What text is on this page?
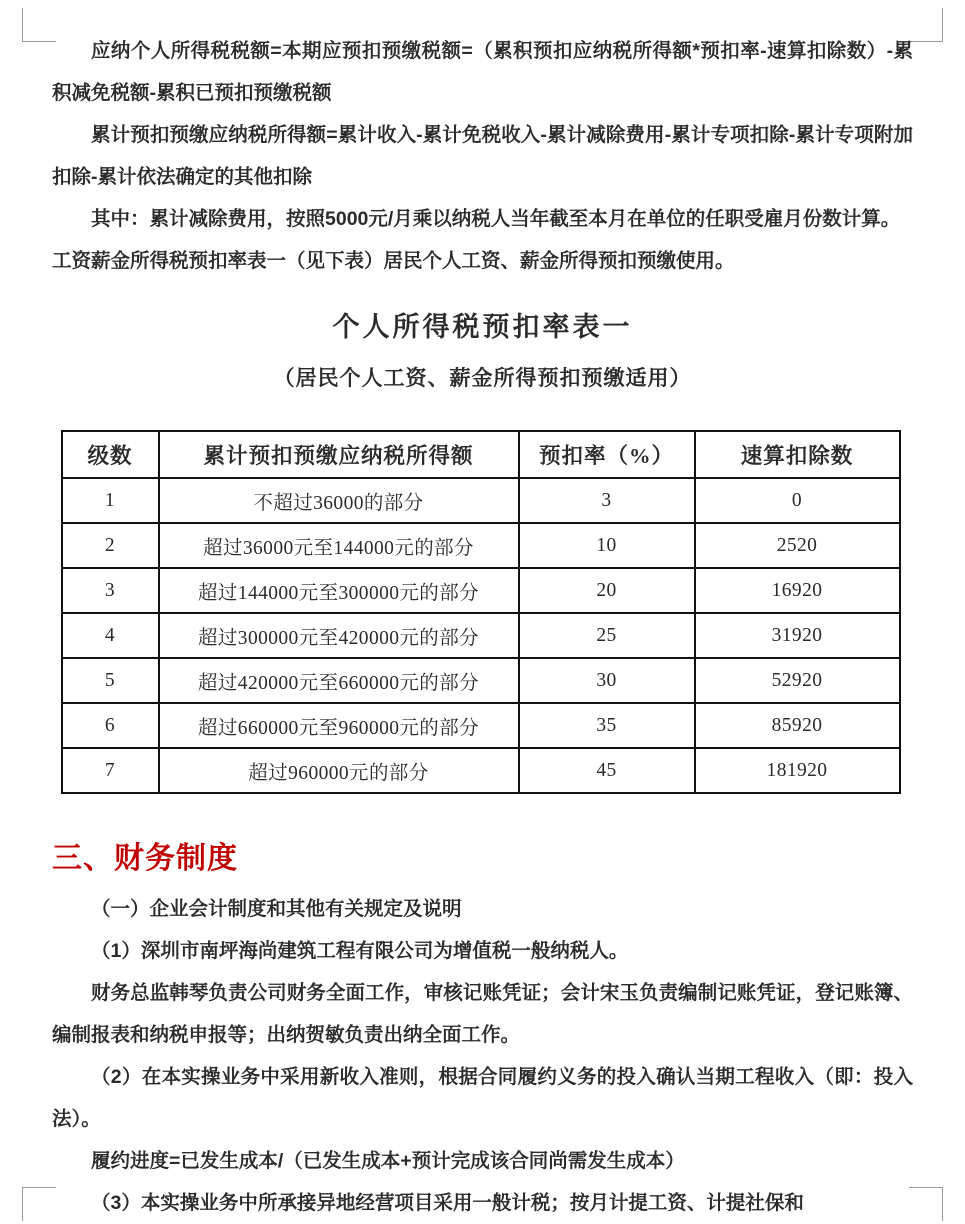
应纳个人所得税税额=本期应预扣预缴税额=（累积预扣应纳税所得额*预扣率-速算扣除数）-累积减免税额-累积已预扣预缴税额

累计预扣预缴应纳税所得额=累计收入-累计免税收入-累计减除费用-累计专项扣除-累计专项附加扣除-累计依法确定的其他扣除

其中：累计减除费用，按照5000元/月乘以纳税人当年截至本月在单位的任职受雇月份数计算。

工资薪金所得税预扣率表一（见下表）居民个人工资、薪金所得预扣预缴使用。

个人所得税预扣率表一
（居民个人工资、薪金所得预扣预缴适用）
级数	累计预扣预缴应纳税所得额	预扣率（%）	速算扣除数
1	不超过36000的部分	3	0
2	超过36000元至144000元的部分	10	2520
3	超过144000元至300000元的部分	20	16920
4	超过300000元至420000元的部分	25	31920
5	超过420000元至660000元的部分	30	52920
6	超过660000元至960000元的部分	35	85920
7	超过960000元的部分	45	181920
三、财务制度

（一）企业会计制度和其他有关规定及说明

（1）深圳市南坪海尚建筑工程有限公司为增值税一般纳税人。

财务总监韩琴负责公司财务全面工作，审核记账凭证；会计宋玉负责编制记账凭证，登记账簿、编制报表和纳税申报等；出纳贺敏负责出纳全面工作。

（2）在本实操业务中采用新收入准则，根据合同履约义务的投入确认当期工程收入（即：投入法）。

履约进度=已发生成本/（已发生成本+预计完成该合同尚需发生成本）

（3）本实操业务中所承接异地经营项目采用一般计税；按月计提工资、计提社保和
